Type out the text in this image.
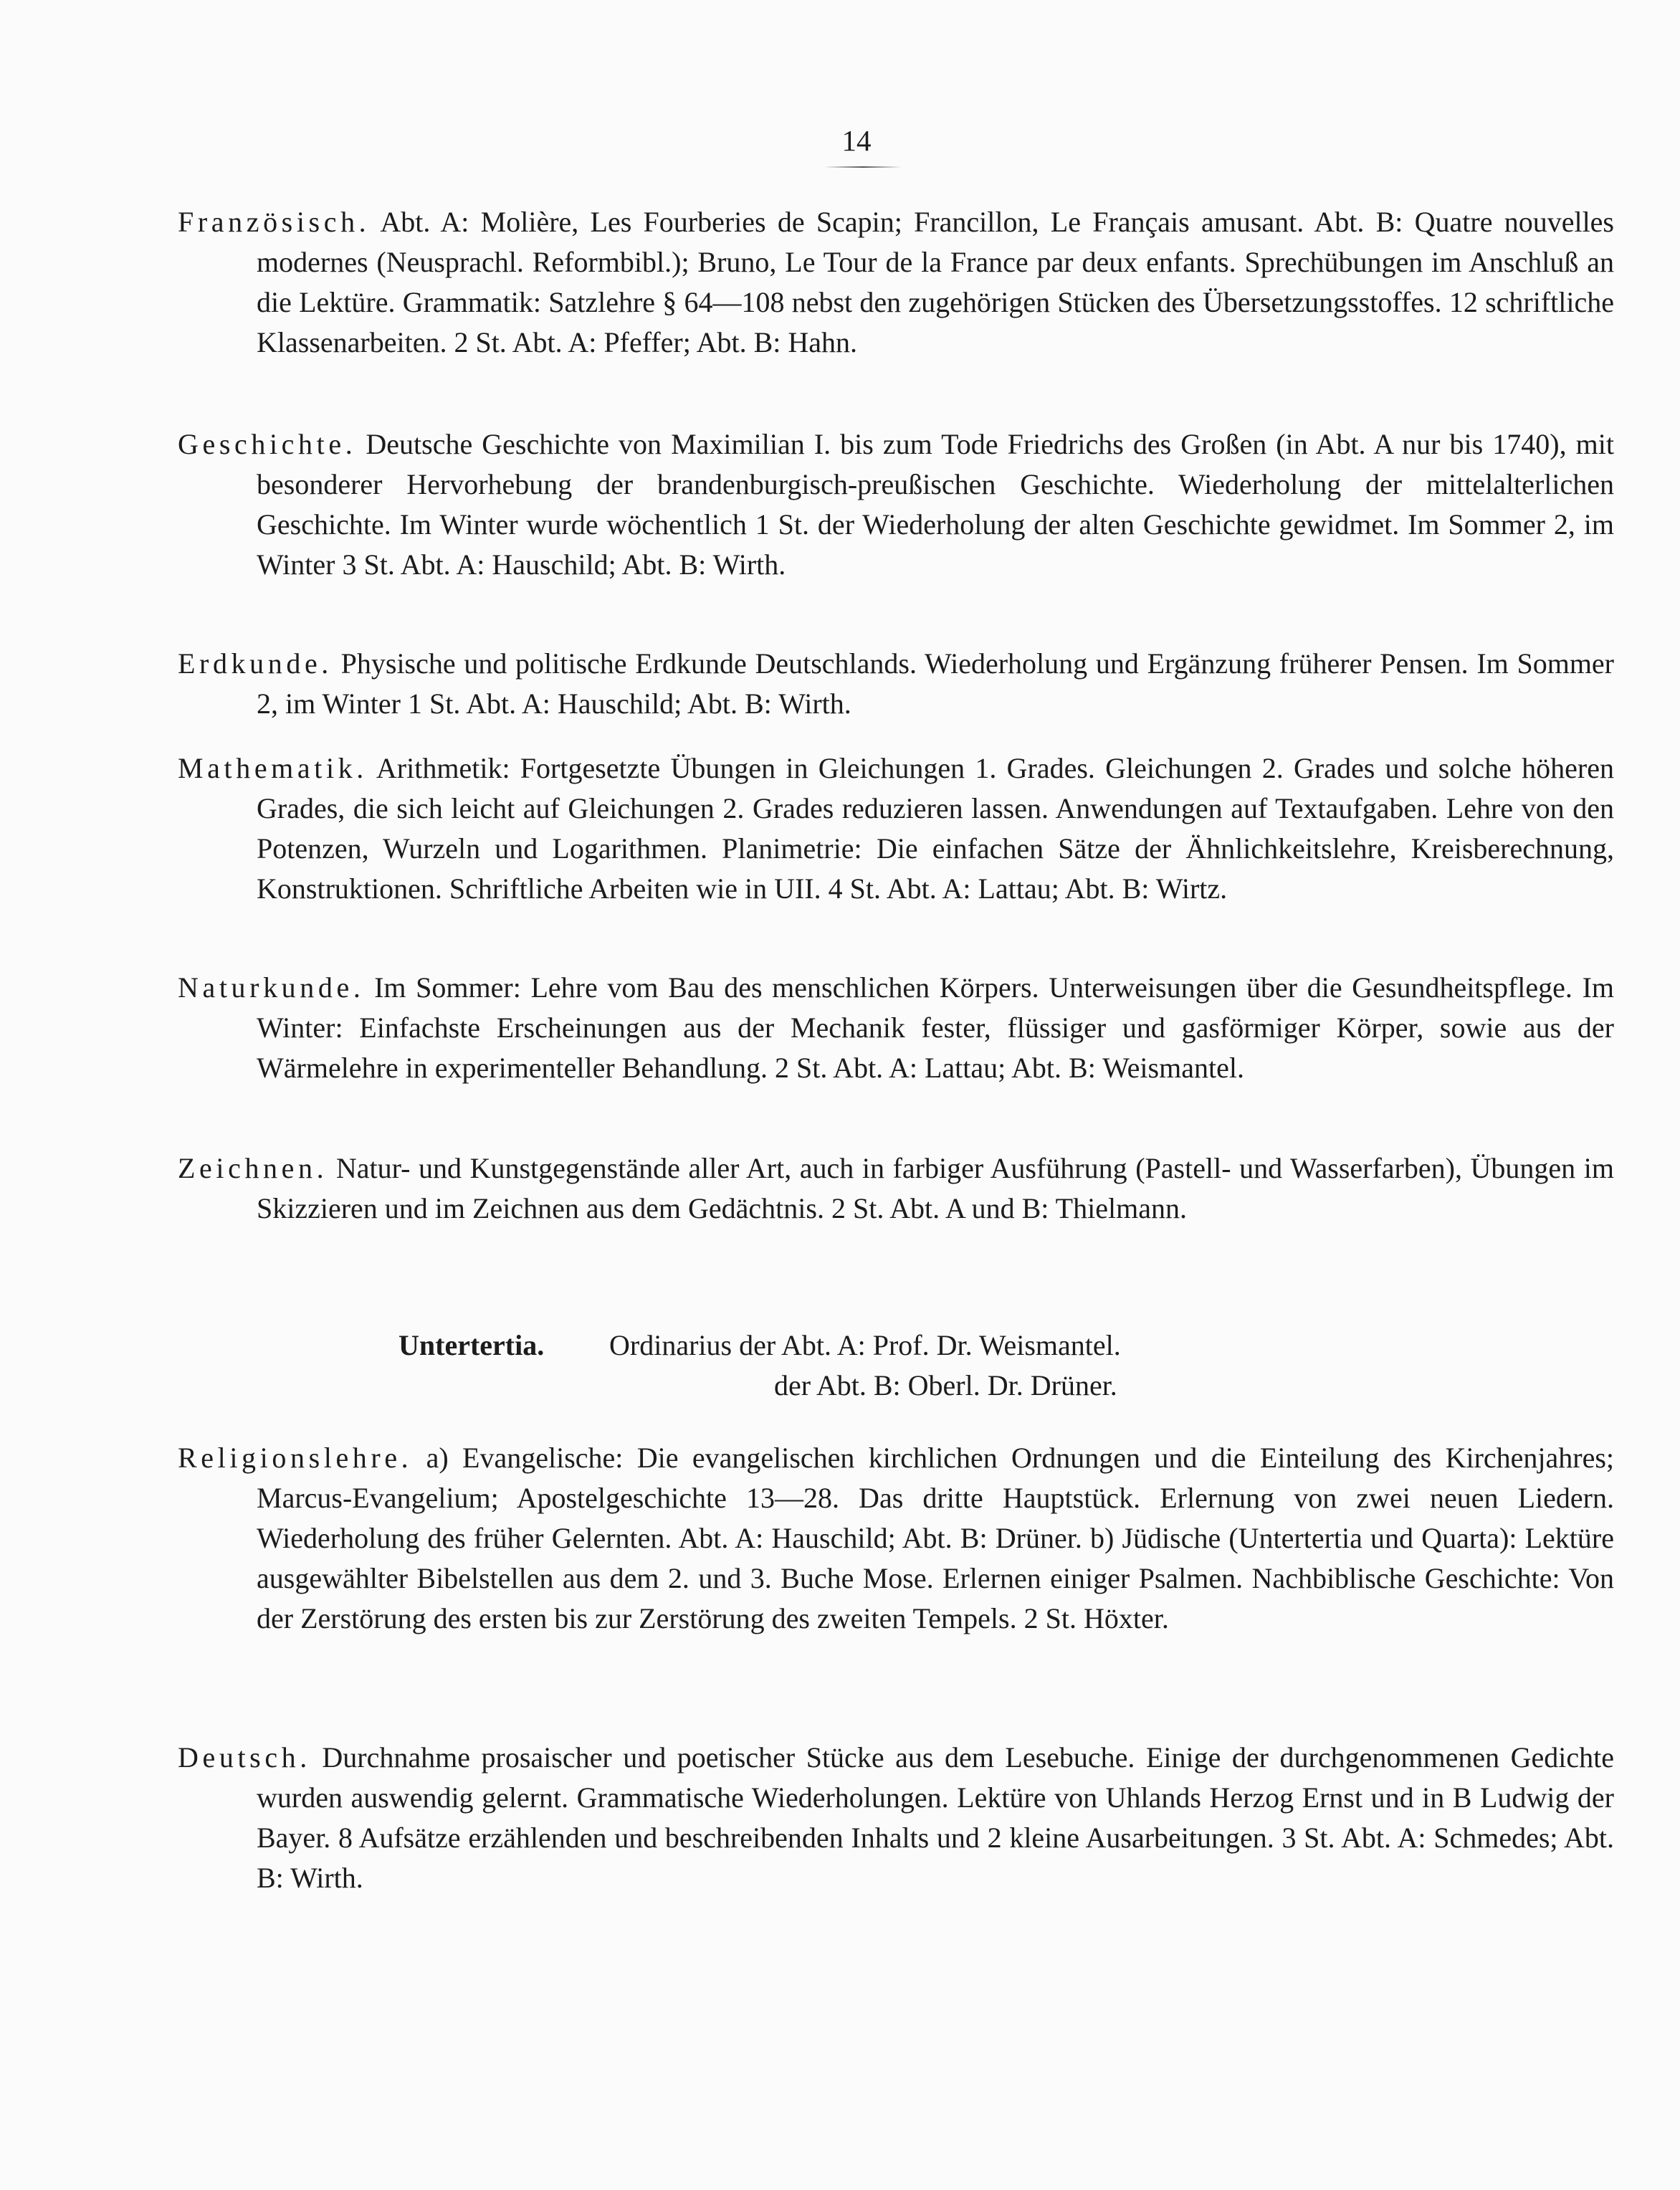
14
Französisch. Abt. A: Molière, Les Fourberies de Scapin; Francillon, Le Français amusant. Abt. B: Quatre nouvelles modernes (Neusprachl. Reformbibl.); Bruno, Le Tour de la France par deux enfants. Sprechübungen im Anschluß an die Lektüre. Grammatik: Satzlehre § 64—108 nebst den zugehörigen Stücken des Übersetzungsstoffes. 12 schriftliche Klassenarbeiten. 2 St. Abt. A: Pfeffer; Abt. B: Hahn.
Geschichte. Deutsche Geschichte von Maximilian I. bis zum Tode Friedrichs des Großen (in Abt. A nur bis 1740), mit besonderer Hervorhebung der brandenburgisch-preußischen Geschichte. Wiederholung der mittelalterlichen Geschichte. Im Winter wurde wöchentlich 1 St. der Wiederholung der alten Geschichte gewidmet. Im Sommer 2, im Winter 3 St. Abt. A: Hauschild; Abt. B: Wirth.
Erdkunde. Physische und politische Erdkunde Deutschlands. Wiederholung und Ergänzung früherer Pensen. Im Sommer 2, im Winter 1 St. Abt. A: Hauschild; Abt. B: Wirth.
Mathematik. Arithmetik: Fortgesetzte Übungen in Gleichungen 1. Grades. Gleichungen 2. Grades und solche höheren Grades, die sich leicht auf Gleichungen 2. Grades reduzieren lassen. Anwendungen auf Textaufgaben. Lehre von den Potenzen, Wurzeln und Logarithmen. Planimetrie: Die einfachen Sätze der Ähnlichkeitslehre, Kreisberechnung, Konstruktionen. Schriftliche Arbeiten wie in UII. 4 St. Abt. A: Lattau; Abt. B: Wirtz.
Naturkunde. Im Sommer: Lehre vom Bau des menschlichen Körpers. Unterweisungen über die Gesundheitspflege. Im Winter: Einfachste Erscheinungen aus der Mechanik fester, flüssiger und gasförmiger Körper, sowie aus der Wärmelehre in experimenteller Behandlung. 2 St. Abt. A: Lattau; Abt. B: Weismantel.
Zeichnen. Natur- und Kunstgegenstände aller Art, auch in farbiger Ausführung (Pastell- und Wasserfarben), Übungen im Skizzieren und im Zeichnen aus dem Gedächtnis. 2 St. Abt. A und B: Thielmann.
Untertertia. Ordinarius der Abt. A: Prof. Dr. Weismantel.
der Abt. B: Oberl. Dr. Drüner.
Religionslehre. a) Evangelische: Die evangelischen kirchlichen Ordnungen und die Einteilung des Kirchenjahres; Marcus-Evangelium; Apostelgeschichte 13—28. Das dritte Hauptstück. Erlernung von zwei neuen Liedern. Wiederholung des früher Gelernten. Abt. A: Hauschild; Abt. B: Drüner. b) Jüdische (Untertertia und Quarta): Lektüre ausgewählter Bibelstellen aus dem 2. und 3. Buche Mose. Erlernen einiger Psalmen. Nachbiblische Geschichte: Von der Zerstörung des ersten bis zur Zerstörung des zweiten Tempels. 2 St. Höxter.
Deutsch. Durchnahme prosaischer und poetischer Stücke aus dem Lesebuche. Einige der durchgenommenen Gedichte wurden auswendig gelernt. Grammatische Wiederholungen. Lektüre von Uhlands Herzog Ernst und in B Ludwig der Bayer. 8 Aufsätze erzählenden und beschreibenden Inhalts und 2 kleine Ausarbeitungen. 3 St. Abt. A: Schmedes; Abt. B: Wirth.
